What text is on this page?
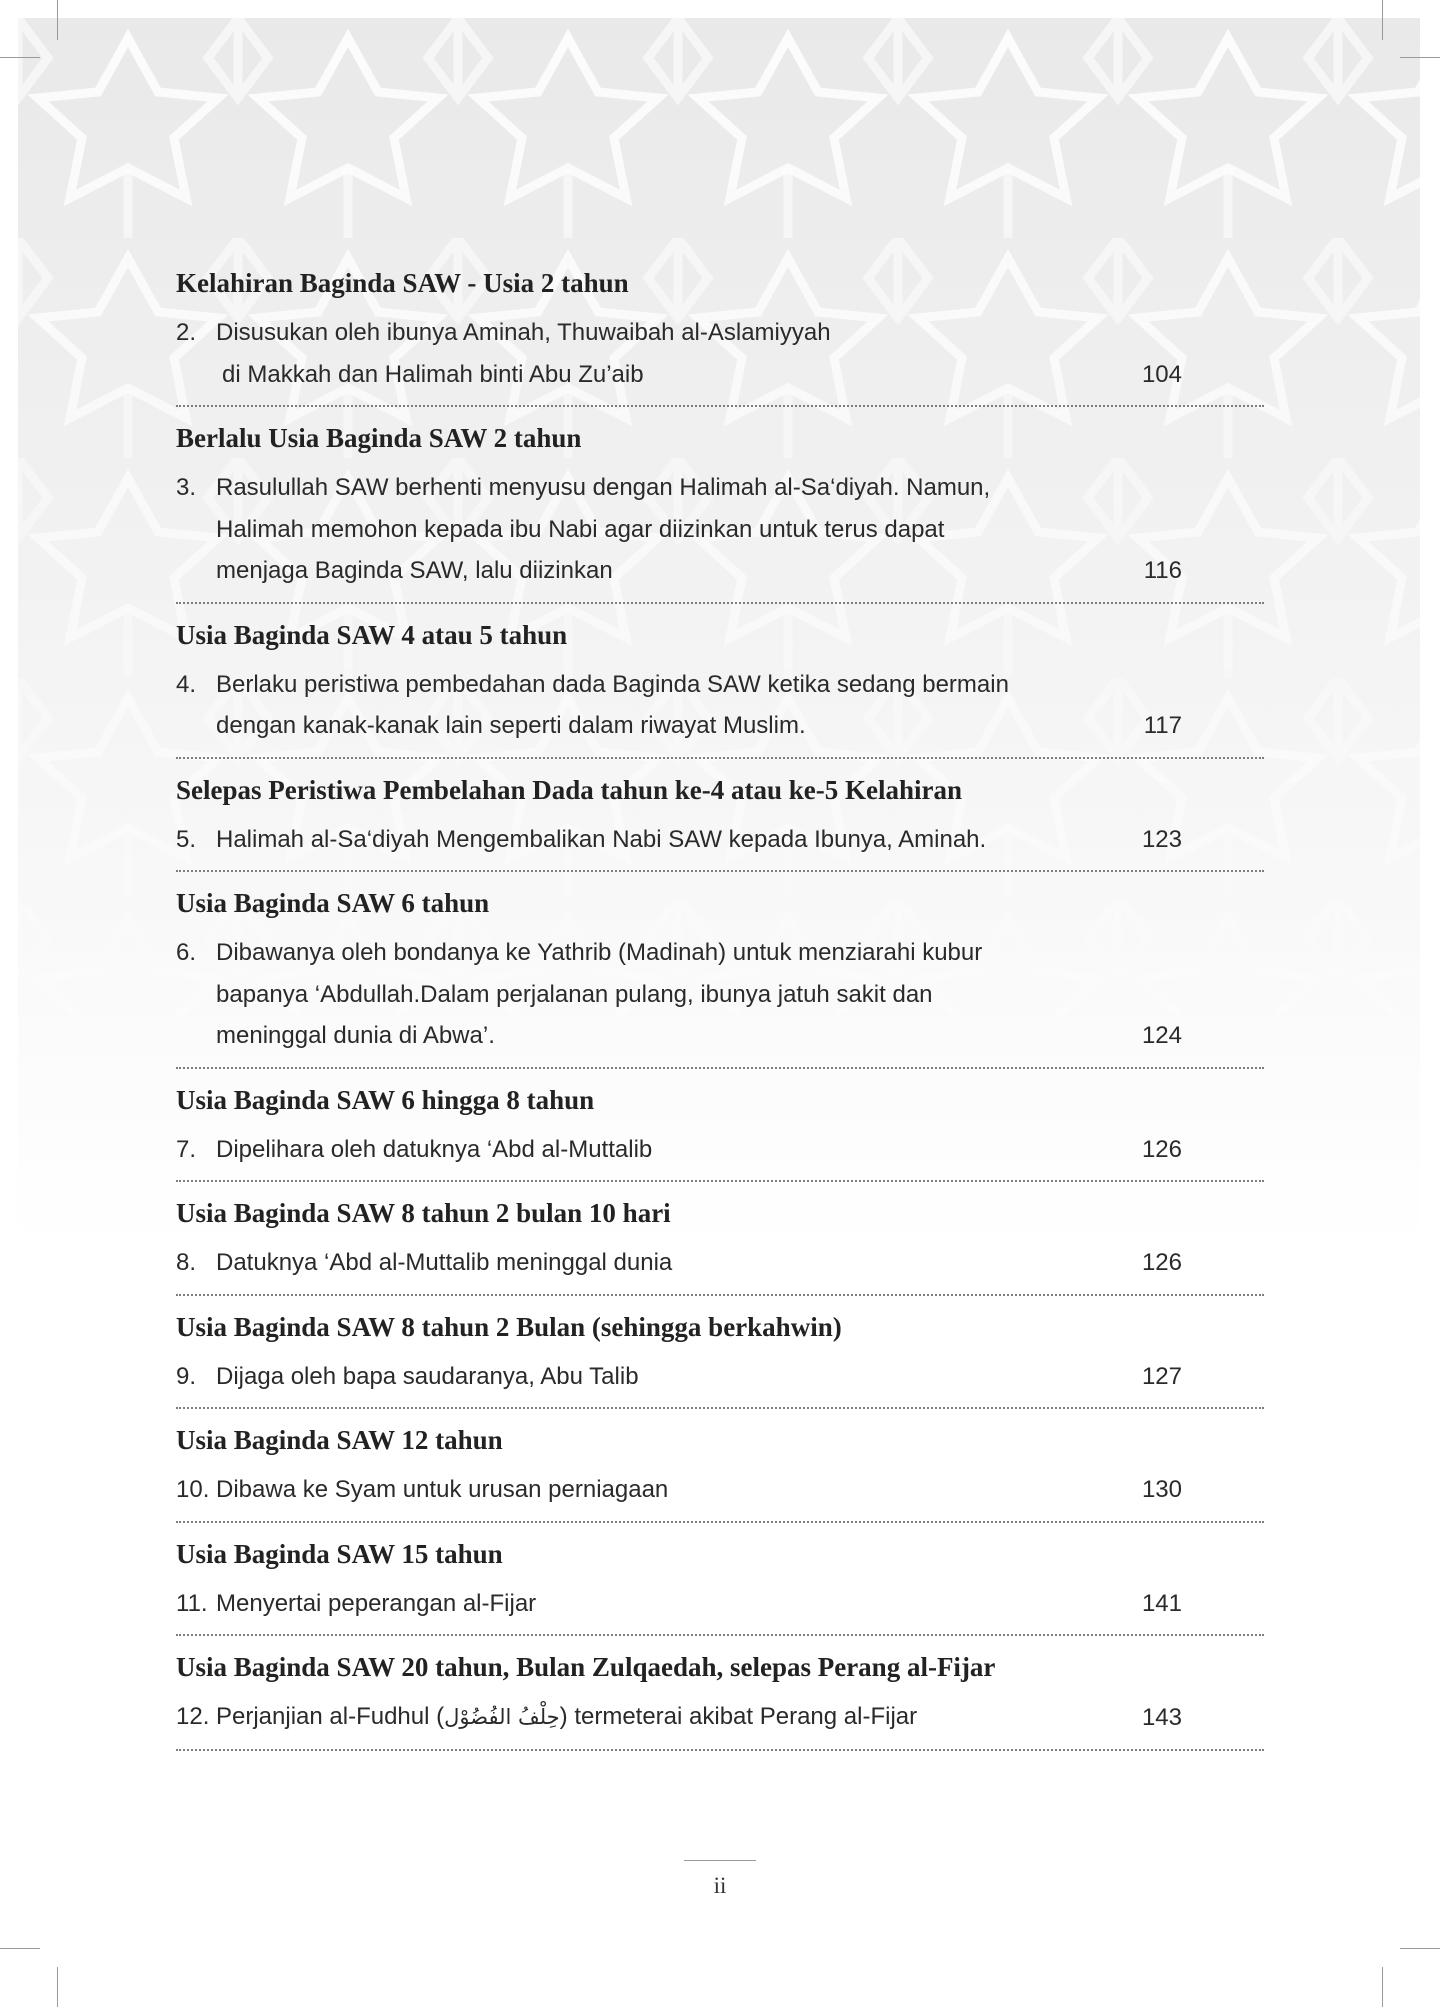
Kelahiran Baginda SAW - Usia 2 tahun
2. Disusukan oleh ibunya Aminah, Thuwaibah al-Aslamiyyah
di Makkah dan Halimah binti Abu Zu’aib	104
Berlalu Usia Baginda SAW 2 tahun
3. Rasulullah SAW berhenti menyusu dengan Halimah al-Sa‘diyah. Namun,
Halimah memohon kepada ibu Nabi agar diizinkan untuk terus dapat
menjaga Baginda SAW, lalu diizinkan	116
Usia Baginda SAW 4 atau 5 tahun
4. Berlaku peristiwa pembedahan dada Baginda SAW ketika sedang bermain
dengan kanak-kanak lain seperti dalam riwayat Muslim.	117
Selepas Peristiwa Pembelahan Dada tahun ke-4 atau ke-5 Kelahiran
5. Halimah al-Sa‘diyah Mengembalikan Nabi SAW kepada Ibunya, Aminah.	123
Usia Baginda SAW 6 tahun
6. Dibawanya oleh bondanya ke Yathrib (Madinah) untuk menziarahi kubur
bapanya ‘Abdullah.Dalam perjalanan pulang, ibunya jatuh sakit dan
meninggal dunia di Abwa’.	124
Usia Baginda SAW 6 hingga 8 tahun
7. Dipelihara oleh datuknya ‘Abd al-Muttalib	126
Usia Baginda SAW 8 tahun 2 bulan 10 hari
8. Datuknya ‘Abd al-Muttalib meninggal dunia	126
Usia Baginda SAW 8 tahun 2 Bulan (sehingga berkahwin)
9. Dijaga oleh bapa saudaranya, Abu Talib	127
Usia Baginda SAW 12 tahun
10. Dibawa ke Syam untuk urusan perniagaan	130
Usia Baginda SAW 15 tahun
11. Menyertai peperangan al-Fijar	141
Usia Baginda SAW 20 tahun, Bulan Zulqaedah, selepas Perang al-Fijar
12. Perjanjian al-Fudhul (حِلْفُ الفُضُوْل) termeterai akibat Perang al-Fijar	143
ii
